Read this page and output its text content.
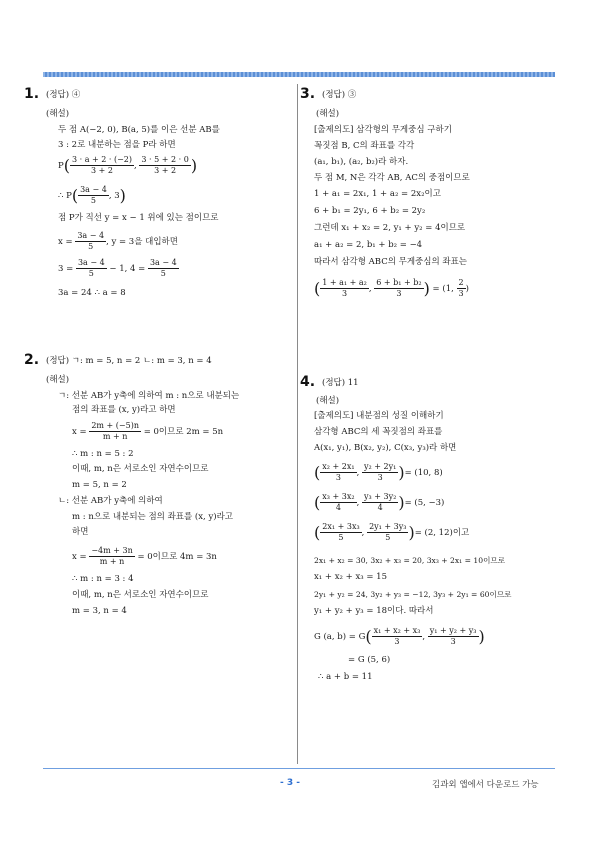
- 3 -	김과외 앱에서 다운로드 가능
1. (정답) ④
(해설)
두 점 A(−2, 0), B(a, 5)를 이은 선분 AB를
3 : 2로 내분하는 점을 P라 하면
$P( \frac{3 \cdot a + 2 \cdot (-2)}{3 + 2}$ , $\frac{3 \cdot 5 + 2 \cdot 0}{3 + 2}$ )
∴ $P( \frac{3a - 4}{5}$ , 3)
점 P가 직선 y = x − 1 위에 있는 점이므로
$x = \frac{3a - 4}{5}$ , y = 3을 대입하면
$3 = \frac{3a - 4}{5} - 1$, $4 = \frac{3a - 4}{5}$
3a = 24 ∴ a = 8
2. (정답) ㄱ: m = 5, n = 2 ㄴ: m = 3, n = 4
(해설)
ㄱ: 선분 AB가 y축에 의하여 m : n으로 내분되는
점의 좌표를 (x, y)라고 하면
$x = \frac{2m + (-5)n}{m + n} = 0$이므로 2m = 5n
∴ m : n = 5 : 2
이때, m, n은 서로소인 자연수이므로
m = 5, n = 2
ㄴ: 선분 AB가 y축에 의하여
m : n으로 내분되는 점의 좌표를 (x, y)라고
하면
$x = \frac{-4m + 3n}{m + n} = 0$이므로 4m = 3n
∴ m : n = 3 : 4
이때, m, n은 서로소인 자연수이므로
m = 3, n = 4
3. (정답) ③
(해설)
[출제의도] 삼각형의 무게중심 구하기
꼭짓점 B, C의 좌표를 각각
(a₁, b₁), (a₂, b₂)라 하자.
두 점 M, N은 각각 AB, AC의 중점이므로
1 + a₁ = 2x₁, 1 + a₂ = 2x₂이고
6 + b₁ = 2y₁, 6 + b₂ = 2y₂
그런데 x₁ + x₂ = 2, y₁ + y₂ = 4이므로
a₁ + a₂ = 2, b₁ + b₂ = −4
따라서 삼각형 ABC의 무게중심의 좌표는
( $\frac{\text{1 + a₁ + a₂}}{3}$ , $\frac{\text{6 + b₁ + b₂}}{3}$ ) = (1, $\frac{2}{3}$ )
4. (정답) 11
(해설)
[출제의도] 내분점의 성질 이해하기
삼각형 ABC의 세 꼭짓점의 좌표를
A(x₁, y₁), B(x₂, y₂), C(x₃, y₃)라 하면
( $\frac{\text{x₂ + 2x₁}}{3}$ , $\frac{\text{y₂ + 2y₁}}{3}$ )= (10, 8)
( $\frac{\text{x₃ + 3x₂}}{4}$ , $\frac{\text{y₃ + 3y₂}}{4}$ )= (5, −3)
( $\frac{\text{2x₁ + 3x₃}}{5}$ , $\frac{\text{2y₁ + 3y₃}}{5}$ )= (2, 12)이고
2x₁ + x₂ = 30, 3x₂ + x₃ = 20, 3x₃ + 2x₁ = 10이므로
x₁ + x₂ + x₃ = 15
2y₁ + y₂ = 24, 3y₂ + y₃ = −12, 3y₃ + 2y₁ = 60이므로
y₁ + y₂ + y₃ = 18이다. 따라서
G (a, $b) = G( \frac{\text{x₁ + x₂ + x₃}}{3}$ , $\frac{\text{y₁ + y₂ + y₃}}{3}$ )
= G (5, 6)
∴ a + b = 11
